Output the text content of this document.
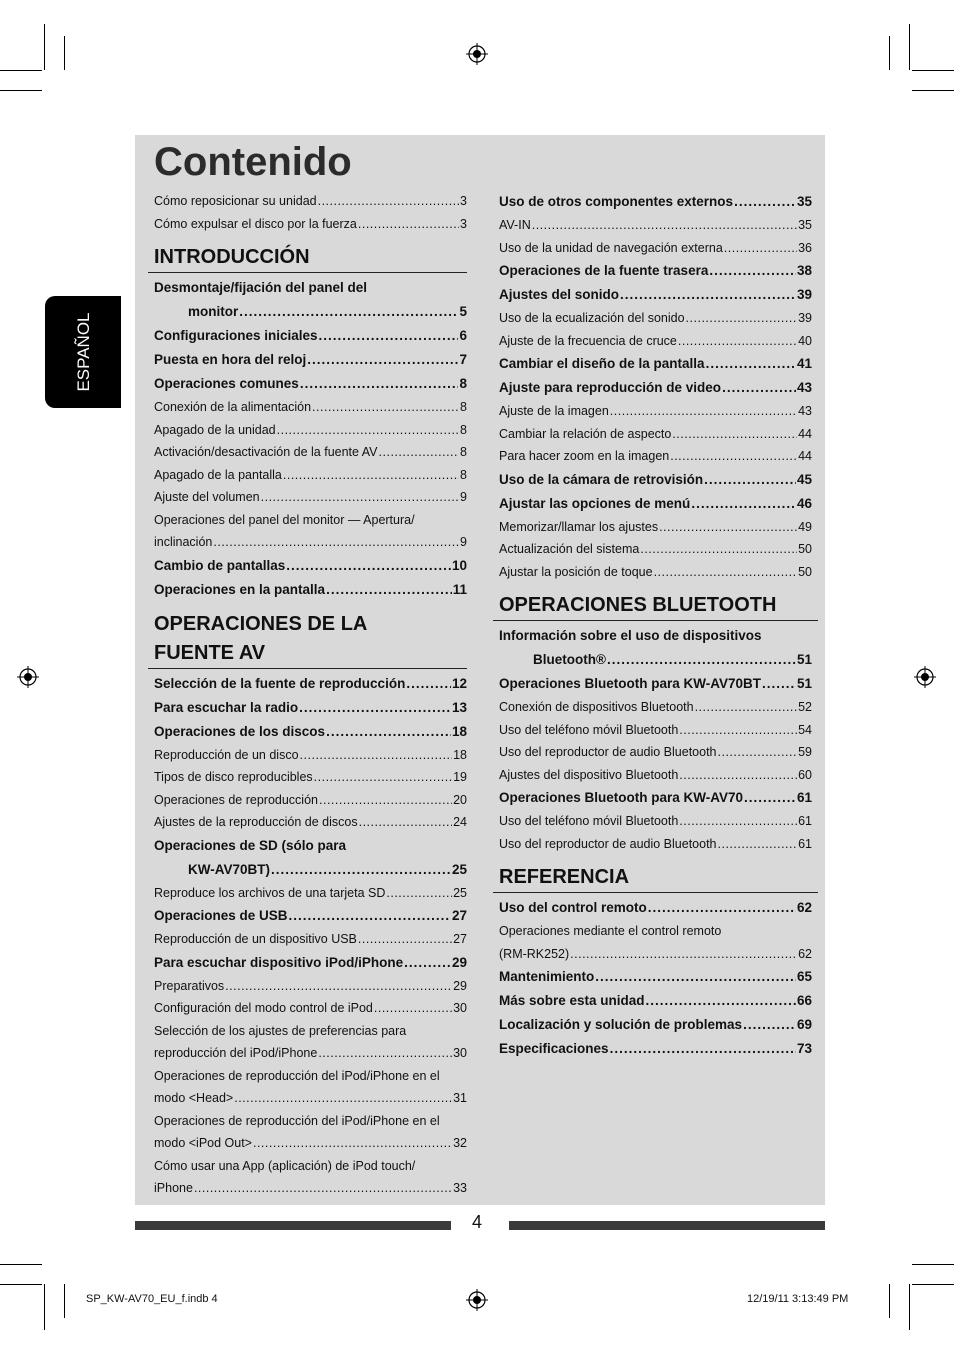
ESPAÑOL
Contenido
Cómo reposicionar su unidad .....	3
Cómo expulsar el disco por la fuerza .....	3
INTRODUCCIÓN
Desmontaje/fijación del panel del
monitor .....	5
Configuraciones iniciales .....	6
Puesta en hora del reloj .....	7
Operaciones comunes .....	8
Conexión de la alimentación .....	8
Apagado de la unidad .....	8
Activación/desactivación de la fuente AV .....	8
Apagado de la pantalla .....	8
Ajuste del volumen .....	9
Operaciones del panel del monitor — Apertura/
inclinación .....	9
Cambio de pantallas .....	10
Operaciones en la pantalla .....	11
OPERACIONES DE LA
FUENTE AV
Selección de la fuente de reproducción .....	12
Para escuchar la radio .....	13
Operaciones de los discos .....	18
Reproducción de un disco .....	18
Tipos de disco reproducibles .....	19
Operaciones de reproducción .....	20
Ajustes de la reproducción de discos .....	24
Operaciones de SD (sólo para
KW-AV70BT) .....	25
Reproduce los archivos de una tarjeta SD .....	25
Operaciones de USB .....	27
Reproducción de un dispositivo USB .....	27
Para escuchar dispositivo iPod/iPhone .....	29
Preparativos .....	29
Configuración del modo control de iPod .....	30
Selección de los ajustes de preferencias para
reproducción del iPod/iPhone .....	30
Operaciones de reproducción del iPod/iPhone en el
modo <Head> .....	31
Operaciones de reproducción del iPod/iPhone en el
modo <iPod Out> .....	32
Cómo usar una App (aplicación) de iPod touch/
iPhone .....	33
Uso de otros componentes externos .....	35
AV-IN .....	35
Uso de la unidad de navegación externa .....	36
Operaciones de la fuente trasera .....	38
Ajustes del sonido .....	39
Uso de la ecualización del sonido .....	39
Ajuste de la frecuencia de cruce .....	40
Cambiar el diseño de la pantalla .....	41
Ajuste para reproducción de video .....	43
Ajuste de la imagen .....	43
Cambiar la relación de aspecto .....	44
Para hacer zoom en la imagen .....	44
Uso de la cámara de retrovisión .....	45
Ajustar las opciones de menú .....	46
Memorizar/llamar los ajustes .....	49
Actualización del sistema .....	50
Ajustar la posición de toque .....	50
OPERACIONES BLUETOOTH
Información sobre el uso de dispositivos
Bluetooth® .....	51
Operaciones Bluetooth para KW-AV70BT .....	51
Conexión de dispositivos Bluetooth .....	52
Uso del teléfono móvil Bluetooth .....	54
Uso del reproductor de audio Bluetooth .....	59
Ajustes del dispositivo Bluetooth .....	60
Operaciones Bluetooth para KW-AV70 .....	61
Uso del teléfono móvil Bluetooth .....	61
Uso del reproductor de audio Bluetooth .....	61
REFERENCIA
Uso del control remoto .....	62
Operaciones mediante el control remoto
(RM-RK252) .....	62
Mantenimiento .....	65
Más sobre esta unidad .....	66
Localización y solución de problemas .....	69
Especificaciones .....	73
4
SP_KW-AV70_EU_f.indb 4	12/19/11 3:13:49 PM
